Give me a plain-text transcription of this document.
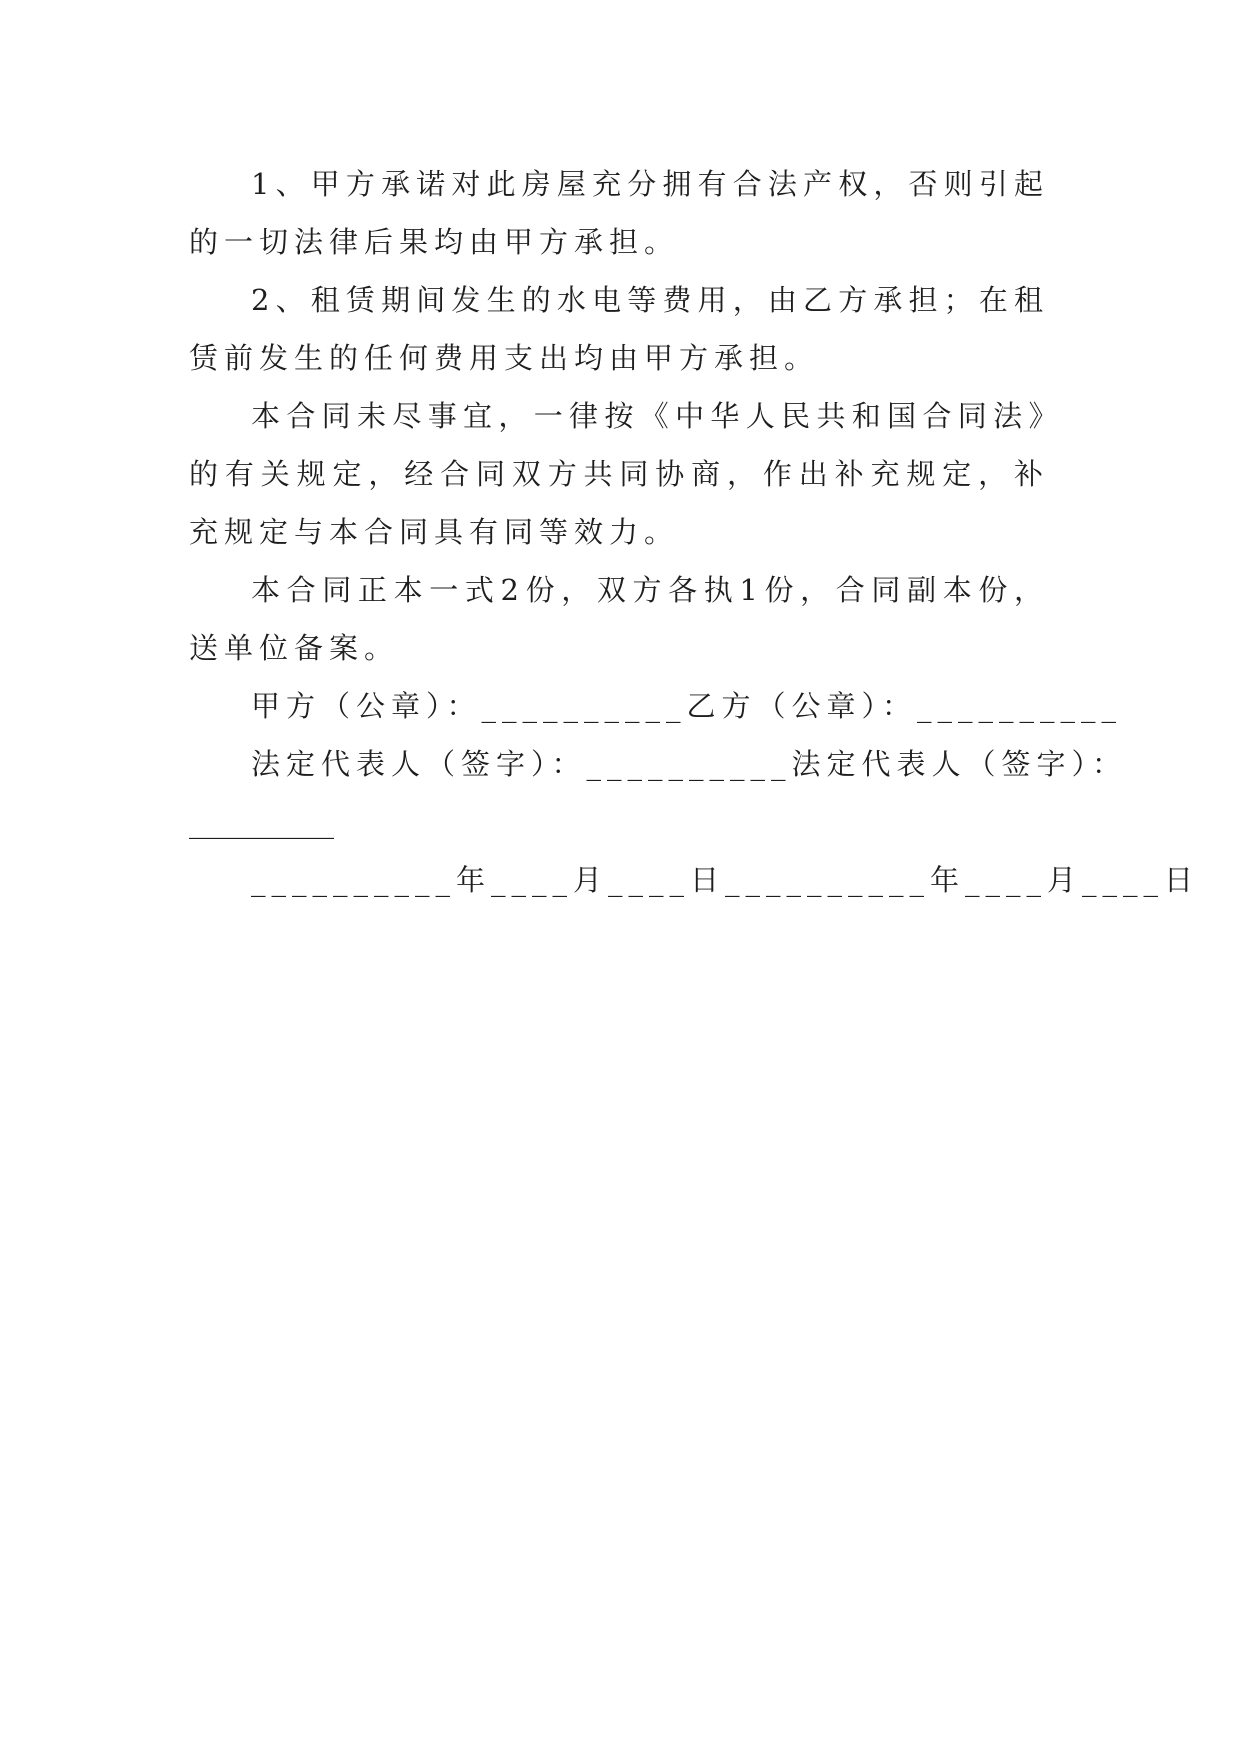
1、甲方承诺对此房屋充分拥有合法产权，否则引起的一切法律后果均由甲方承担。

2、租赁期间发生的水电等费用，由乙方承担；在租赁前发生的任何费用支出均由甲方承担。

本合同未尽事宜，一律按《中华人民共和国合同法》的有关规定，经合同双方共同协商，作出补充规定，补充规定与本合同具有同等效力。

本合同正本一式2份，双方各执1份，合同副本份，送单位备案。

甲方（公章）：__________乙方（公章）：__________

法定代表人（签字）：__________法定代表人（签字）：

__________

__________年____月____日__________年____月____日
